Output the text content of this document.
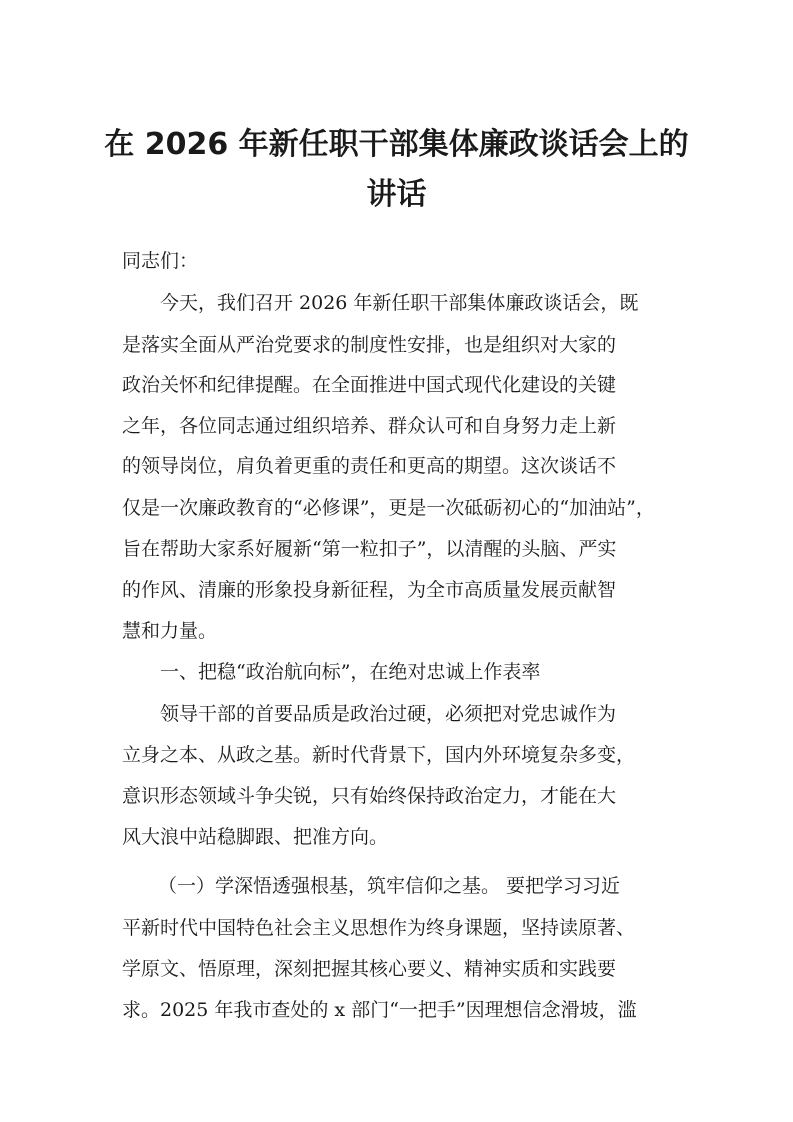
在 2026 年新任职干部集体廉政谈话会上的
讲话

同志们：

今天，我们召开 2026 年新任职干部集体廉政谈话会，既

是落实全面从严治党要求的制度性安排，也是组织对大家的

政治关怀和纪律提醒。在全面推进中国式现代化建设的关键

之年，各位同志通过组织培养、群众认可和自身努力走上新

的领导岗位，肩负着更重的责任和更高的期望。这次谈话不

仅是一次廉政教育的“必修课”，更是一次砥砺初心的“加油站”，

旨在帮助大家系好履新“第一粒扣子”，以清醒的头脑、严实

的作风、清廉的形象投身新征程，为全市高质量发展贡献智

慧和力量。

一、把稳“政治航向标”，在绝对忠诚上作表率

领导干部的首要品质是政治过硬，必须把对党忠诚作为

立身之本、从政之基。新时代背景下，国内外环境复杂多变，

意识形态领域斗争尖锐，只有始终保持政治定力，才能在大

风大浪中站稳脚跟、把准方向。

（一）学深悟透强根基，筑牢信仰之基。 要把学习习近

平新时代中国特色社会主义思想作为终身课题，坚持读原著、

学原文、悟原理，深刻把握其核心要义、精神实质和实践要

求。2025 年我市查处的 x 部门“一把手”因理想信念滑坡，滥
